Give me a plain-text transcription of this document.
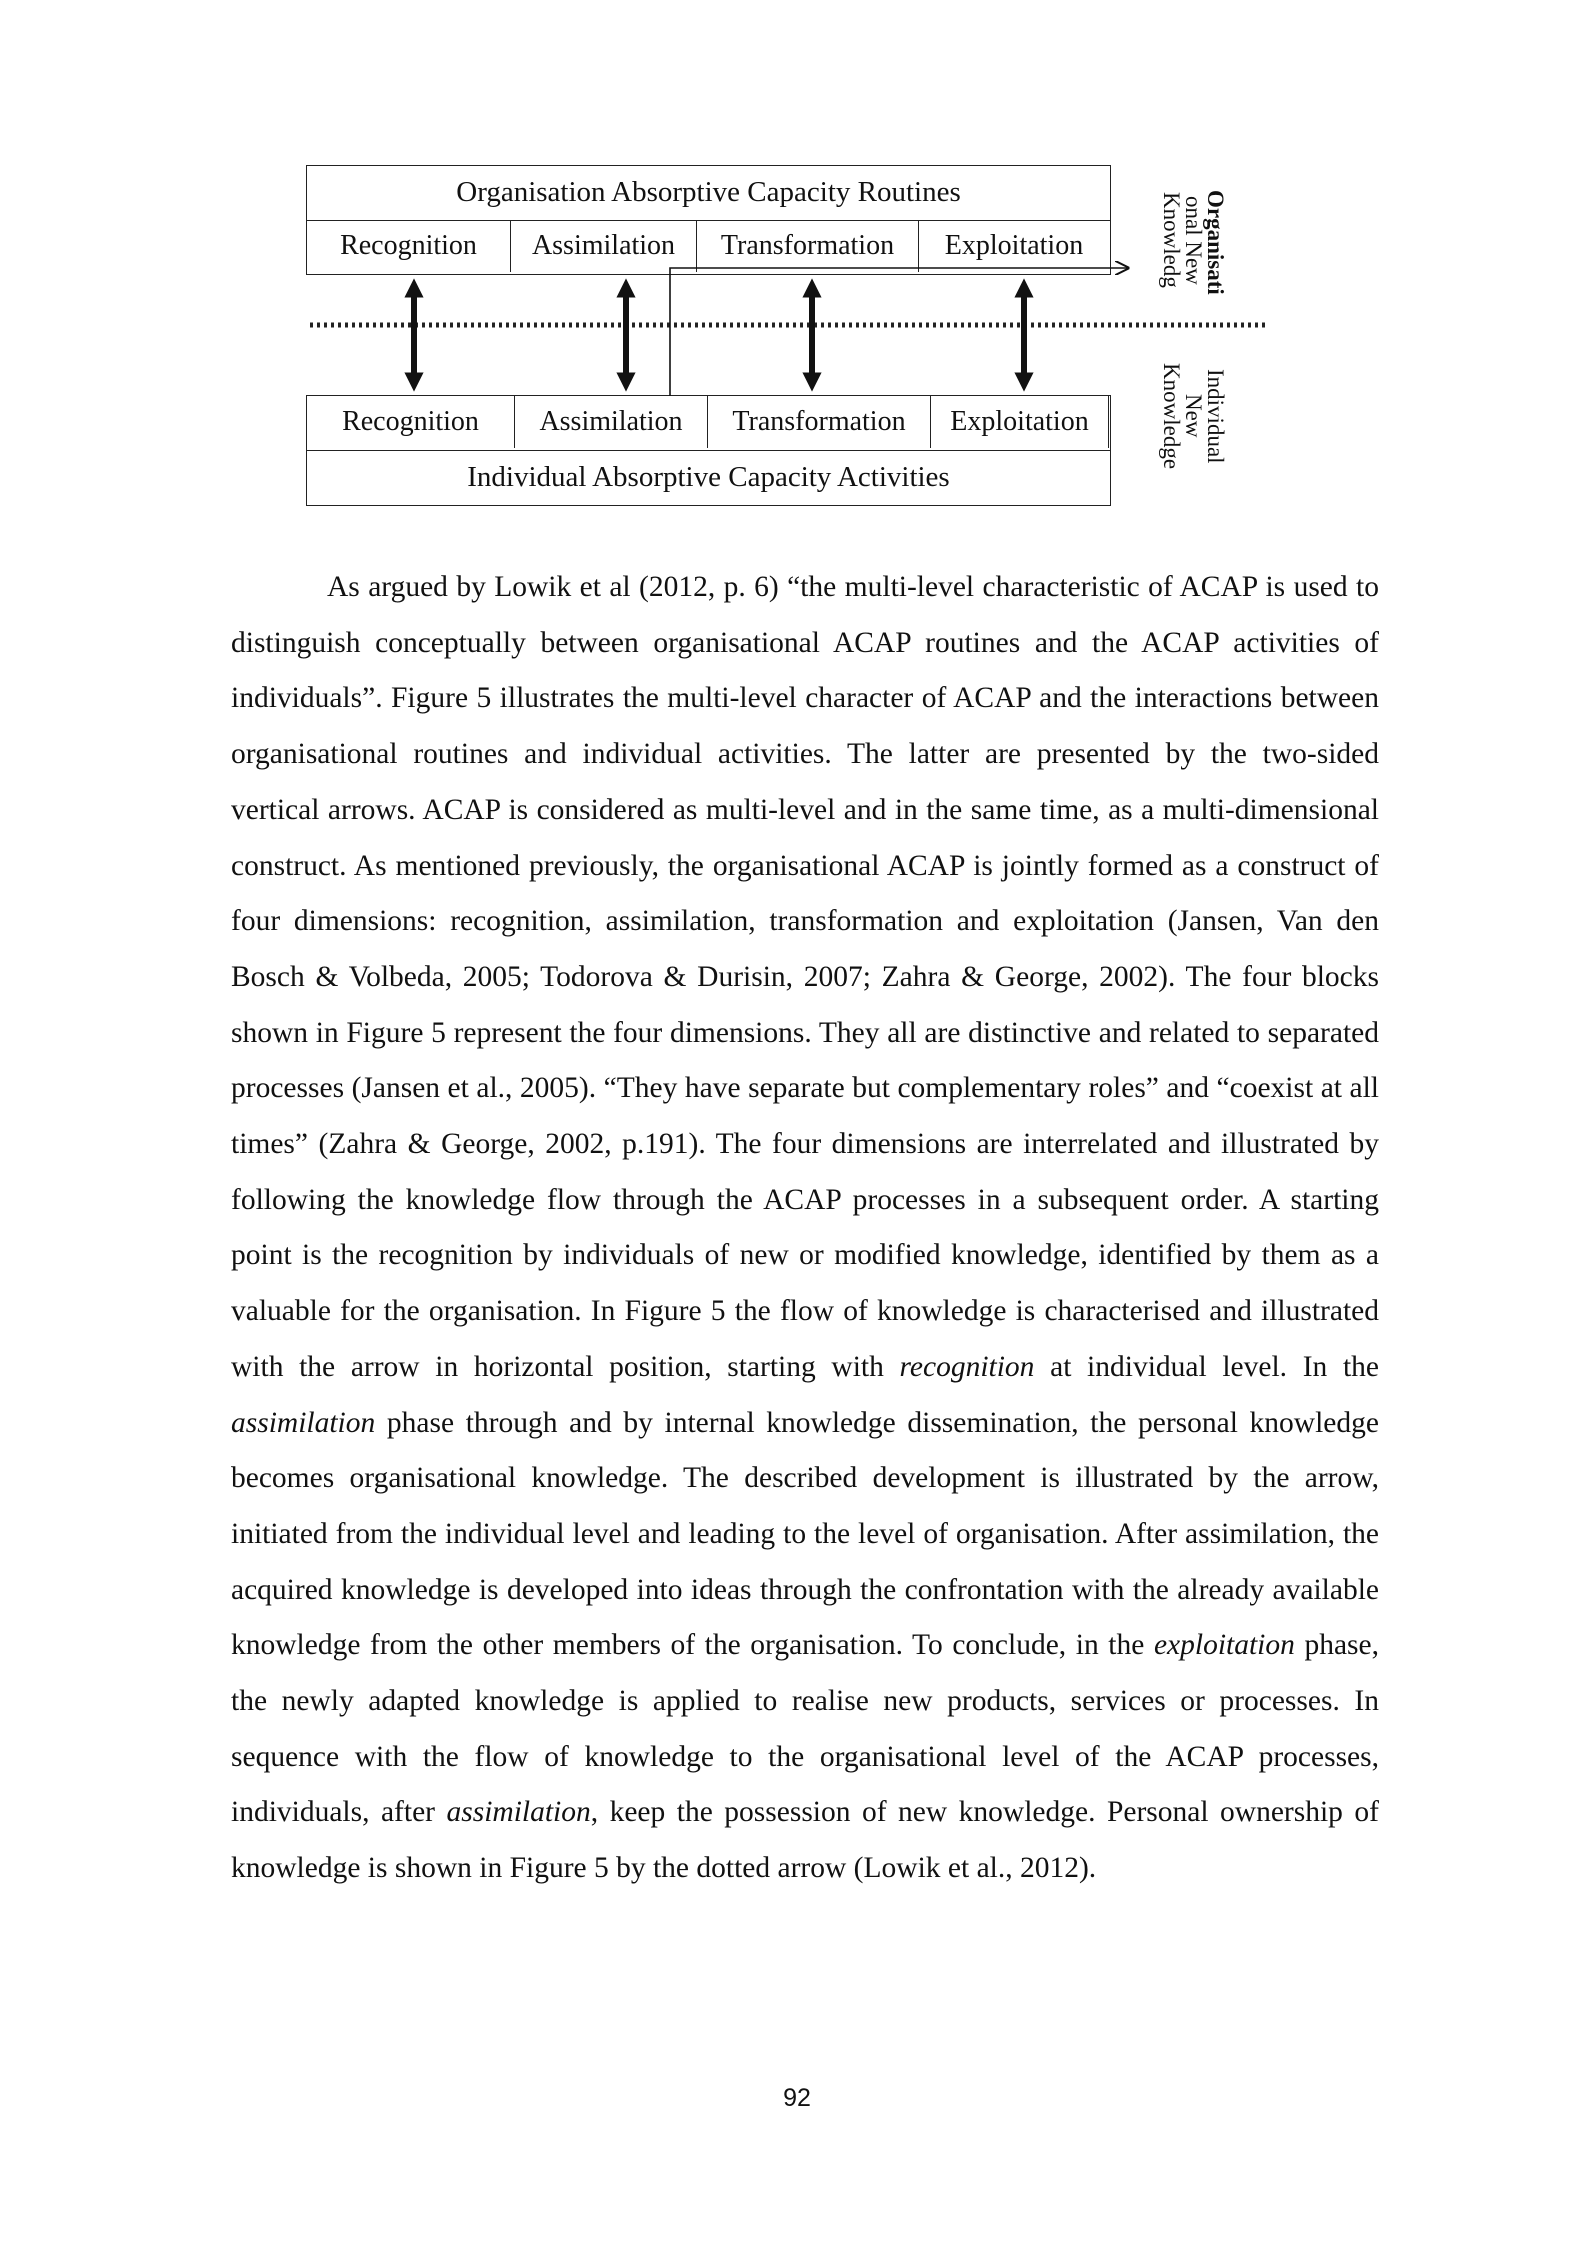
Organisation Absorptive Capacity Routines
Recognition	Assimilation	Transformation	Exploitation
Recognition	Assimilation	Transformation	Exploitation
Individual Absorptive Capacity Activities
Organisati
onal New
Knowledg
Individual
New
Knowledge

As argued by Lowik et al (2012, p. 6) “the multi-level characteristic of ACAP is used to distinguish conceptually between organisational ACAP routines and the ACAP activities of individuals”. Figure 5 illustrates the multi-level character of ACAP and the interactions between organisational routines and individual activities. The latter are presented by the two-sided vertical arrows. ACAP is considered as multi-level and in the same time, as a multi-dimensional construct. As mentioned previously, the organisational ACAP is jointly formed as a construct of four dimensions: recognition, assimilation, transformation and exploitation (Jansen, Van den Bosch & Volbeda, 2005; Todorova & Durisin, 2007; Zahra & George, 2002). The four blocks shown in Figure 5 represent the four dimensions. They all are distinctive and related to separated processes (Jansen et al., 2005). “They have separate but complementary roles” and “coexist at all times” (Zahra & George, 2002, p.191). The four dimensions are interrelated and illustrated by following the knowledge flow through the ACAP processes in a subsequent order. A starting point is the recognition by individuals of new or modified knowledge, identified by them as a valuable for the organisation. In Figure 5 the flow of knowledge is characterised and illustrated with the arrow in horizontal position, starting with recognition at individual level. In the assimilation phase through and by internal knowledge dissemination, the personal knowledge becomes organisational knowledge. The described development is illustrated by the arrow, initiated from the individual level and leading to the level of organisation. After assimilation, the acquired knowledge is developed into ideas through the confrontation with the already available knowledge from the other members of the organisation. To conclude, in the exploitation phase, the newly adapted knowledge is applied to realise new products, services or processes. In sequence with the flow of knowledge to the organisational level of the ACAP processes, individuals, after assimilation, keep the possession of new knowledge. Personal ownership of knowledge is shown in Figure 5 by the dotted arrow (Lowik et al., 2012).

92
